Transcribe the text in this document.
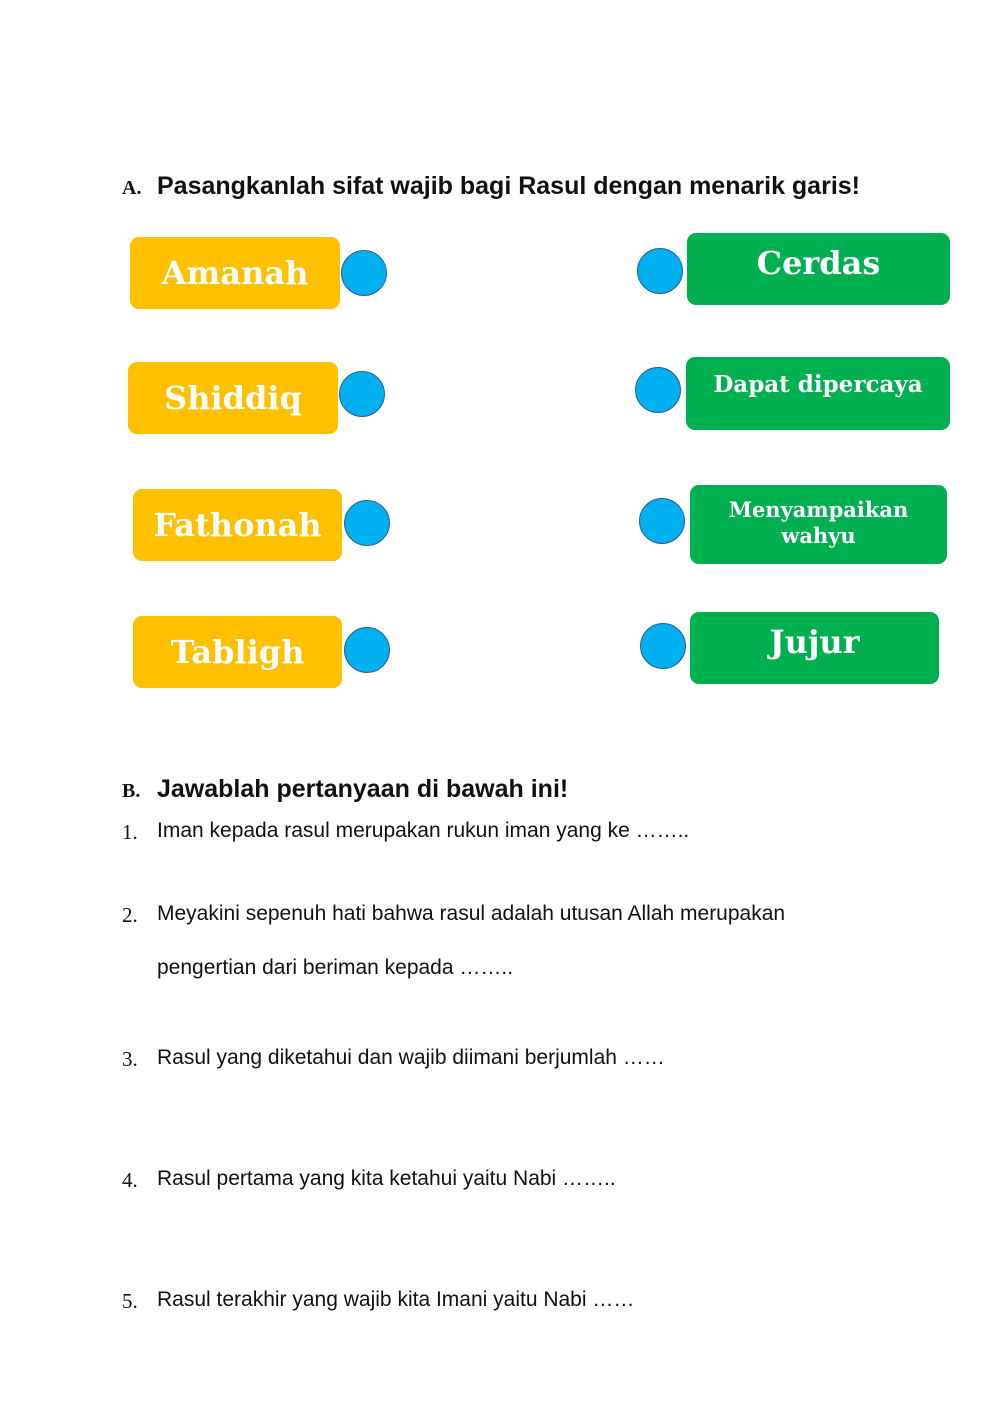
A. Pasangkanlah sifat wajib bagi Rasul dengan menarik garis!
Amanah
Shiddiq
Fathonah
Tabligh
Cerdas
Dapat dipercaya
Menyampaikan wahyu
Jujur
B. Jawablah pertanyaan di bawah ini!
1. Iman kepada rasul merupakan rukun iman yang ke ……..
2. Meyakini sepenuh hati bahwa rasul adalah utusan Allah merupakan pengertian dari beriman kepada ……..
3. Rasul yang diketahui dan wajib diimani berjumlah ……
4. Rasul pertama yang kita ketahui yaitu Nabi ……..
5. Rasul terakhir yang wajib kita Imani yaitu Nabi ……
